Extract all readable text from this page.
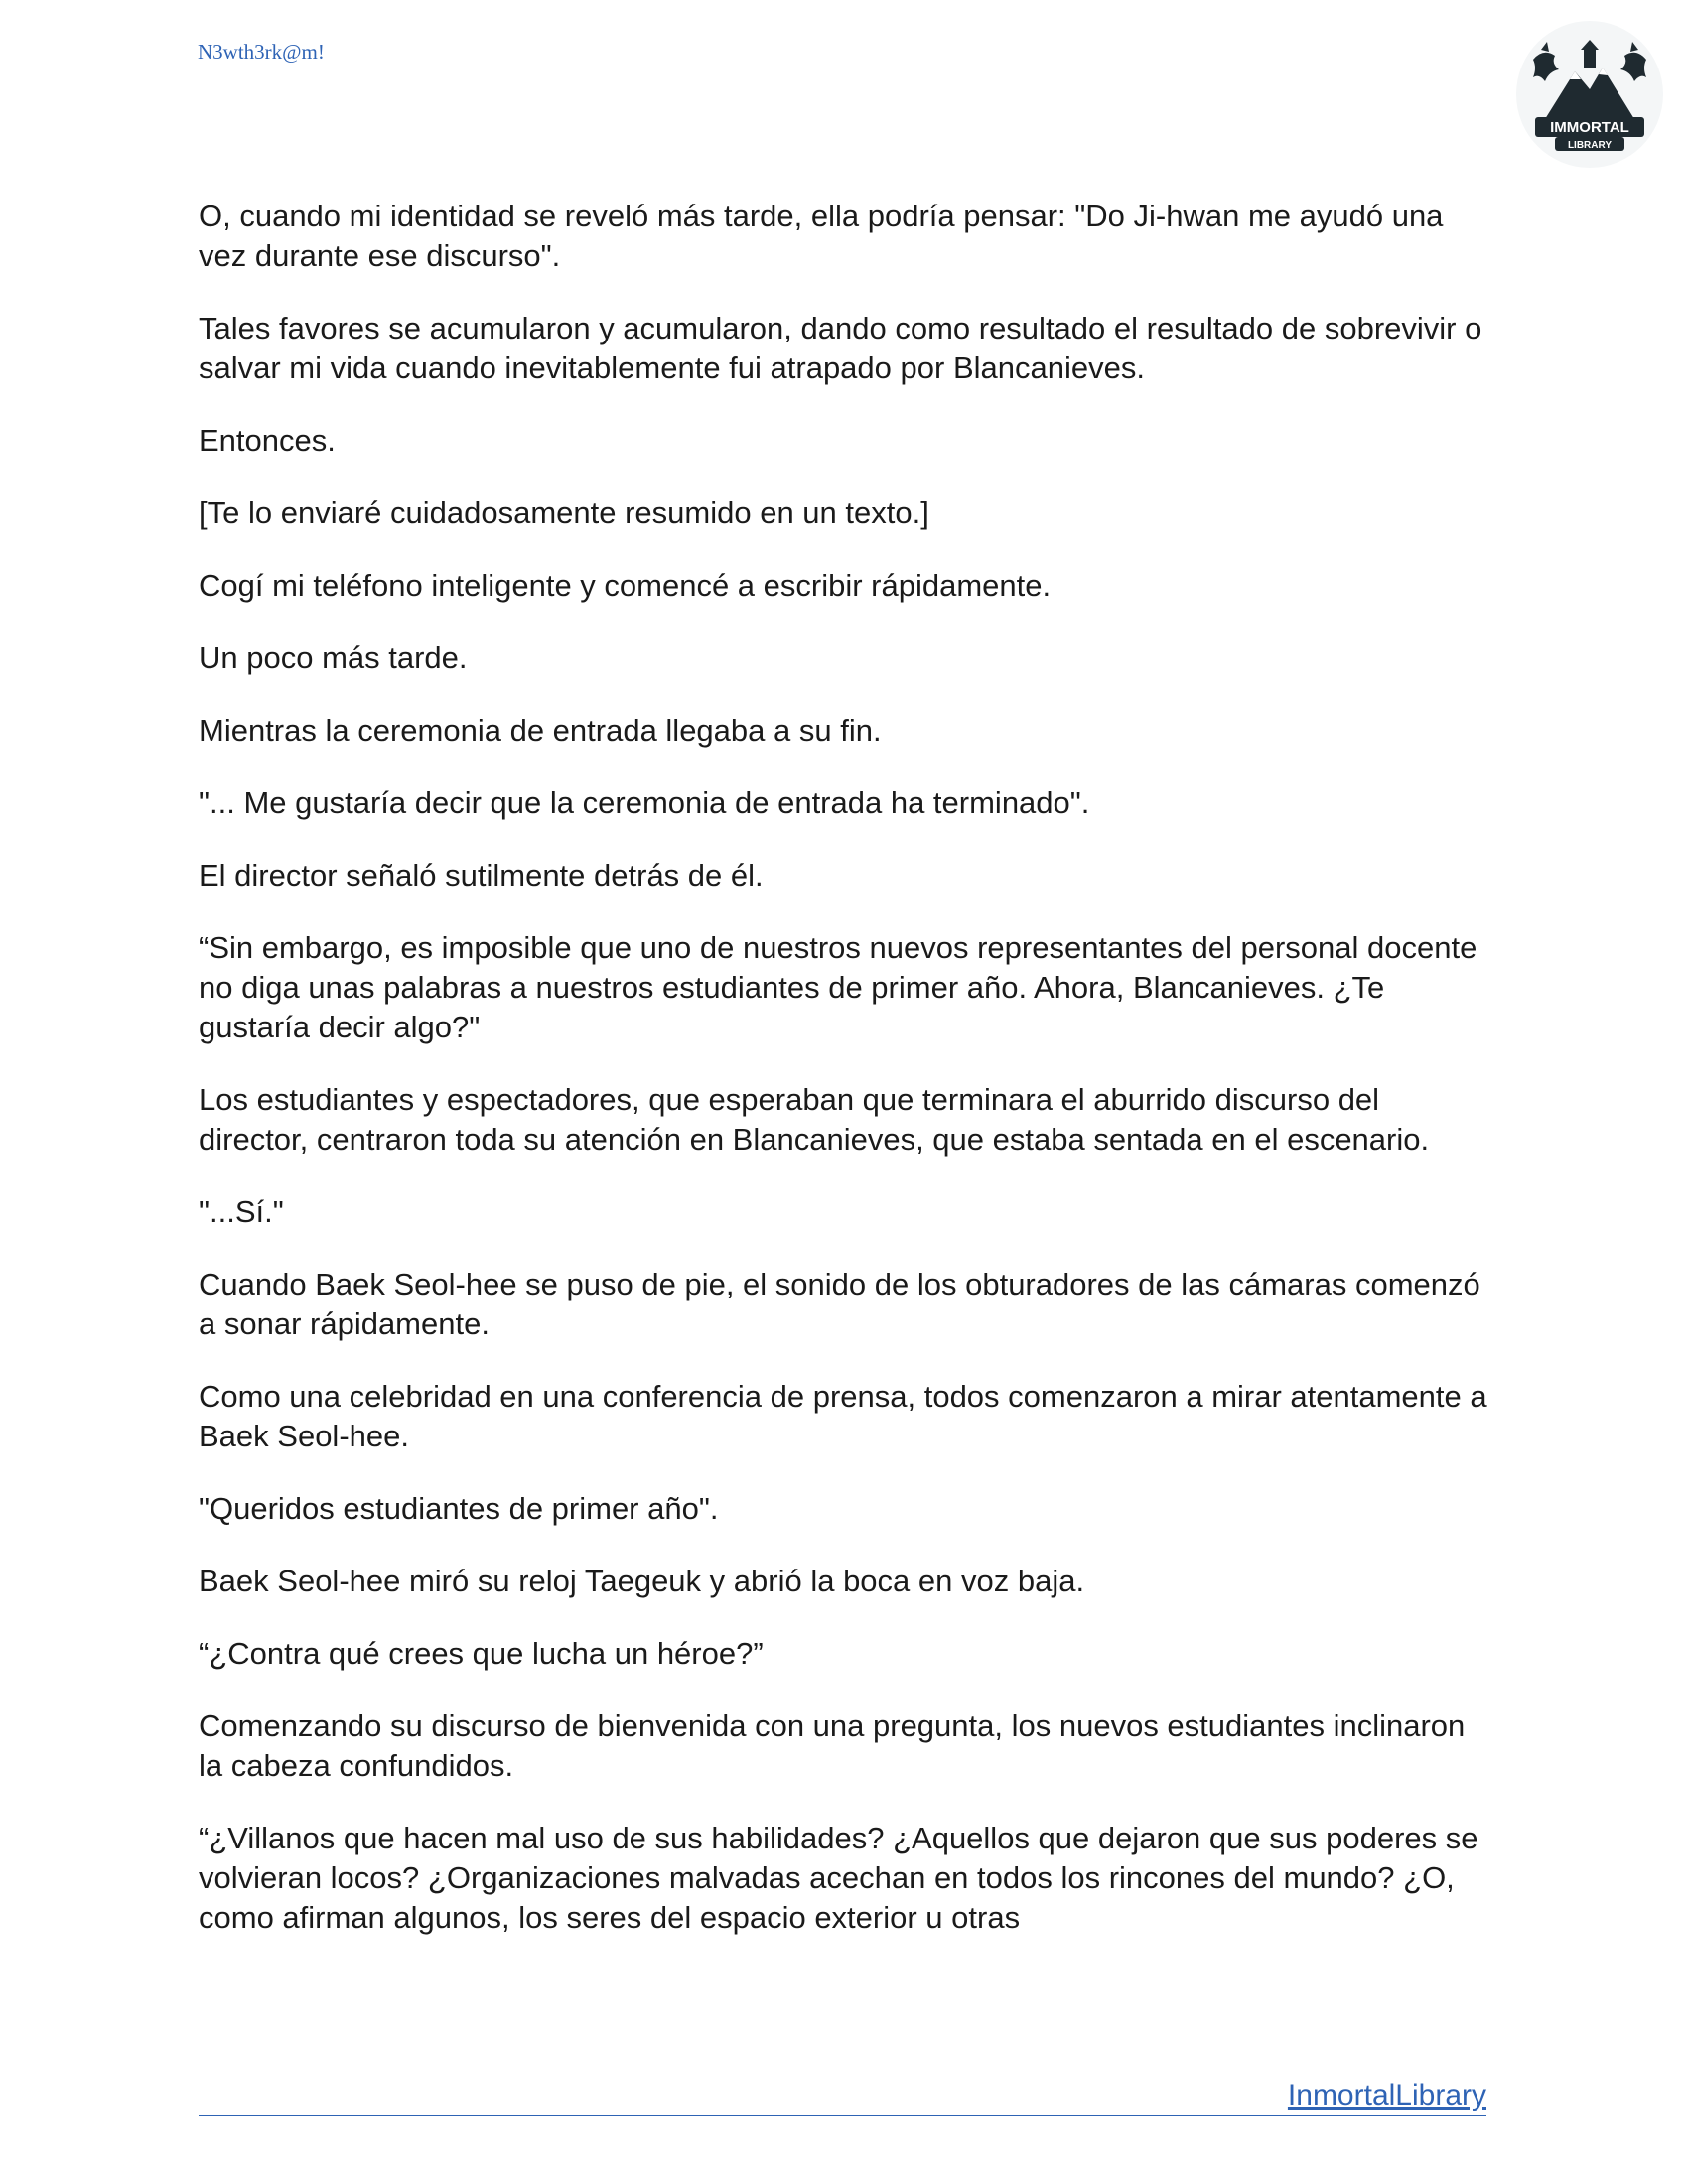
N3wth3rk@m!
IMMORTAL
LIBRARY

O, cuando mi identidad se reveló más tarde, ella podría pensar: "Do Ji-hwan me ayudó una vez durante ese discurso".

Tales favores se acumularon y acumularon, dando como resultado el resultado de sobrevivir o salvar mi vida cuando inevitablemente fui atrapado por Blancanieves.

Entonces.

[Te lo enviaré cuidadosamente resumido en un texto.]

Cogí mi teléfono inteligente y comencé a escribir rápidamente.

Un poco más tarde.

Mientras la ceremonia de entrada llegaba a su fin.

"... Me gustaría decir que la ceremonia de entrada ha terminado".

El director señaló sutilmente detrás de él.

“Sin embargo, es imposible que uno de nuestros nuevos representantes del personal docente no diga unas palabras a nuestros estudiantes de primer año. Ahora, Blancanieves. ¿Te gustaría decir algo?"

Los estudiantes y espectadores, que esperaban que terminara el aburrido discurso del director, centraron toda su atención en Blancanieves, que estaba sentada en el escenario.

"...Sí."

Cuando Baek Seol-hee se puso de pie, el sonido de los obturadores de las cámaras comenzó a sonar rápidamente.

Como una celebridad en una conferencia de prensa, todos comenzaron a mirar atentamente a Baek Seol-hee.

"Queridos estudiantes de primer año".

Baek Seol-hee miró su reloj Taegeuk y abrió la boca en voz baja.

“¿Contra qué crees que lucha un héroe?”

Comenzando su discurso de bienvenida con una pregunta, los nuevos estudiantes inclinaron la cabeza confundidos.

“¿Villanos que hacen mal uso de sus habilidades? ¿Aquellos que dejaron que sus poderes se volvieran locos? ¿Organizaciones malvadas acechan en todos los rincones del mundo? ¿O, como afirman algunos, los seres del espacio exterior u otras

InmortalLibrary
